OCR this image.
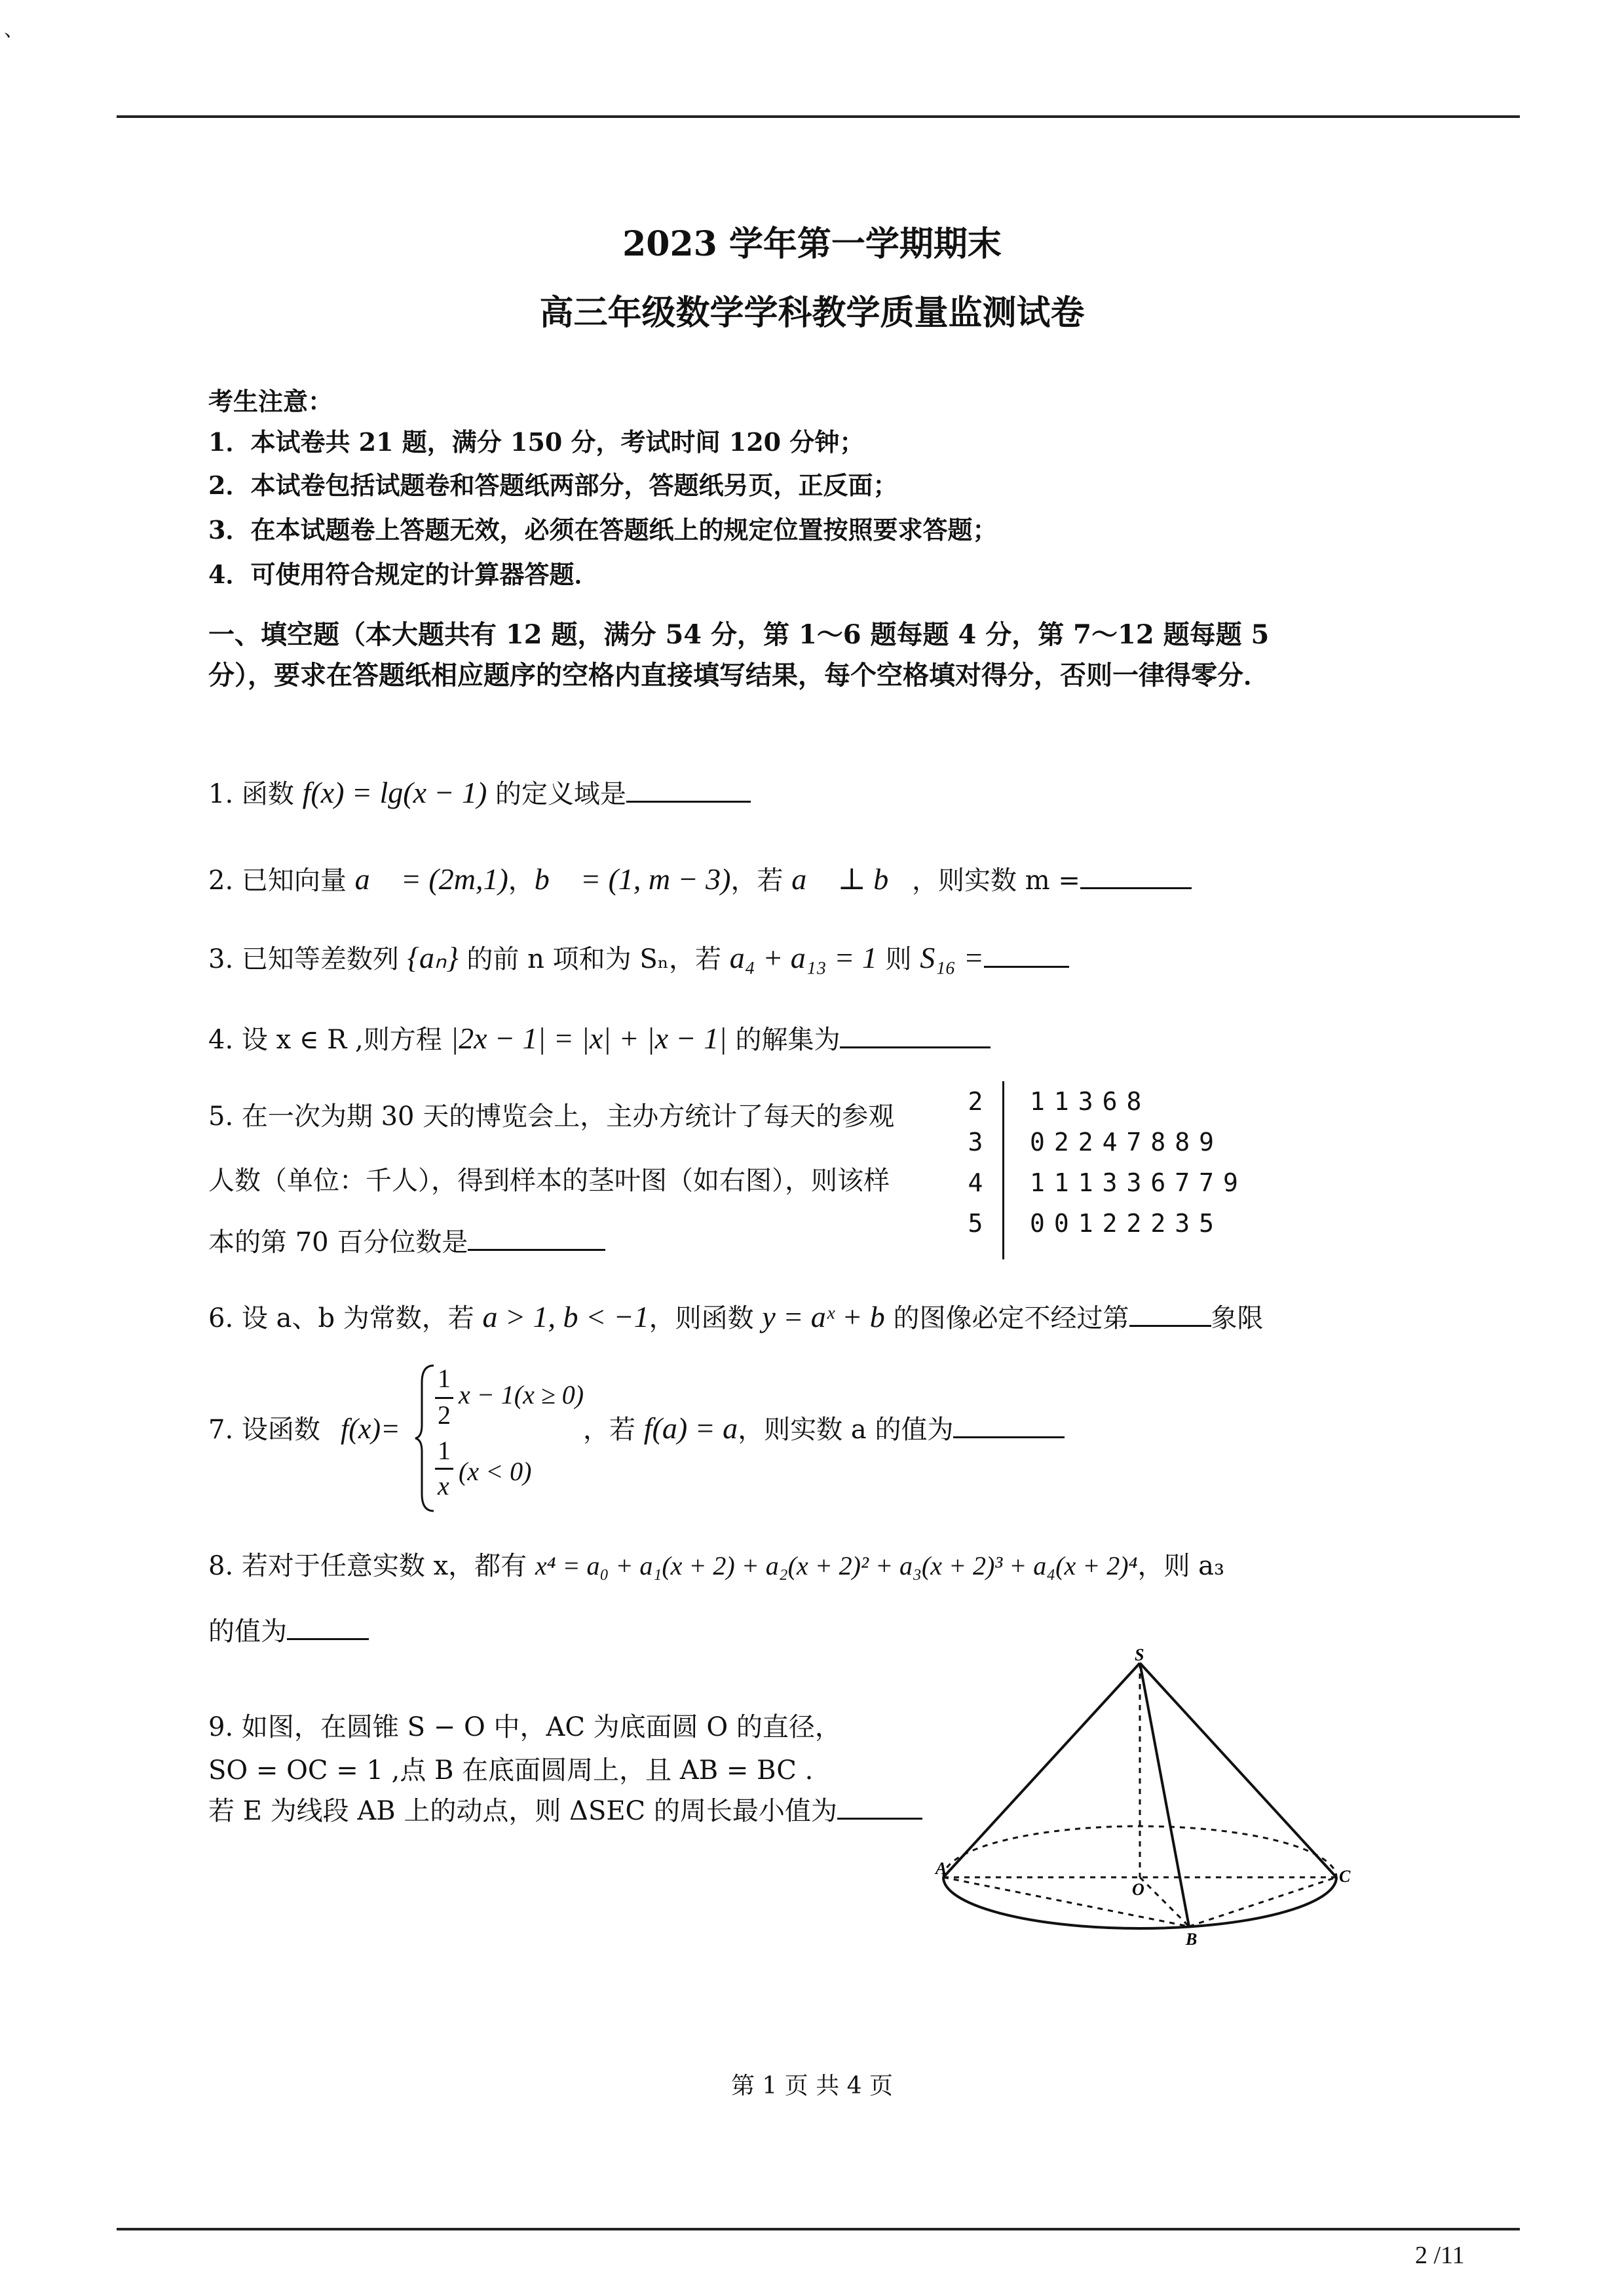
、
2023 学年第一学期期末
高三年级数学学科教学质量监测试卷
考生注意：
1．本试卷共 21 题，满分 150 分，考试时间 120 分钟；
2．本试卷包括试题卷和答题纸两部分，答题纸另页，正反面；
3．在本试题卷上答题无效，必须在答题纸上的规定位置按照要求答题；
4．可使用符合规定的计算器答题．
一、填空题（本大题共有 12 题，满分 54 分，第 1～6 题每题 4 分，第 7～12 题每题 5 分），要求在答题纸相应题序的空格内直接填写结果，每个空格填对得分，否则一律得零分．
1. 函数 f(x) = lg(x − 1) 的定义域是
2. 已知向量 a⃗ = (2m,1)，b⃗ = (1, m − 3)，若 a⃗ ⊥ b⃗，则实数 m =
3. 已知等差数列 {aₙ} 的前 n 项和为 Sₙ，若 a₄ + a₁₃ = 1 则 S₁₆ =
4. 设 x ∈ R ,则方程 |2x − 1| = |x| + |x − 1| 的解集为
5. 在一次为期 30 天的博览会上，主办方统计了每天的参观
人数（单位：千人），得到样本的茎叶图（如右图），则该样
本的第 70 百分位数是
2 11368
3 02247889
4 111336779
5 00122235
6. 设 a、b 为常数，若 a > 1, b < −1，则函数 y = aˣ + b 的图像必定不经过第	象限
7. 设函数 f(x)=
1
2
x − 1(x ≥ 0)
1
x (x < 0)
，若 f(a) = a，则实数 a 的值为
8. 若对于任意实数 x，都有 x⁴ = a₀ + a₁(x + 2) + a₂(x + 2)² + a₃(x + 2)³ + a₄(x + 2)⁴，则 a₃
的值为
9. 如图，在圆锥 S − O 中，AC 为底面圆 O 的直径，
SO = OC = 1 ,点 B 在底面圆周上，且 AB = BC .
若 E 为线段 AB 上的动点，则 ΔSEC 的周长最小值为
S
A
O
C
B
第 1 页 共 4 页
2 /11
